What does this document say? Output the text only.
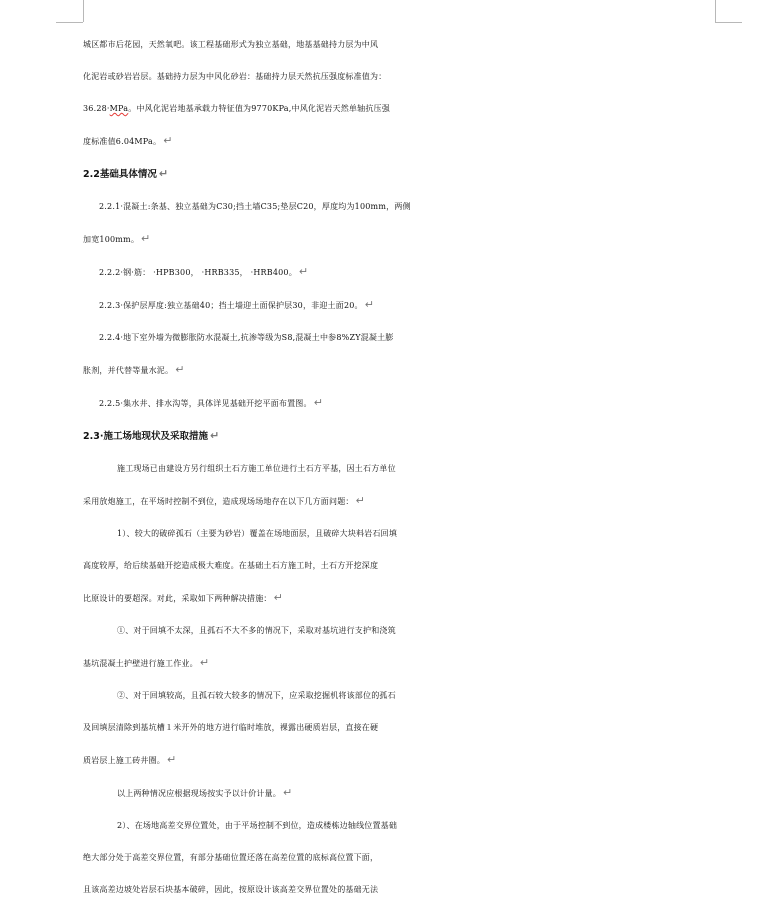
城区都市后花园，天然氧吧。该工程基础形式为独立基础，地基基础持力层为中风

化泥岩或砂岩岩层。基础持力层为中风化砂岩：基础持力层天然抗压强度标准值为：

36.28·MPa。中风化泥岩地基承载力特征值为9770KPa,中风化泥岩天然单轴抗压强

度标准值6.04MPa。 ↵

2.2基础具体情况 ↵

2.2.1·混凝土:条基、独立基础为C30;挡土墙C35;垫层C20，厚度均为100mm，两侧

加宽100mm。 ↵

2.2.2·钢·筋： ·HPB300， ·HRB335， ·HRB400。 ↵

2.2.3·保护层厚度:独立基础40；挡土墙迎土面保护层30，非迎土面20。 ↵

2.2.4·地下室外墙为微膨胀防水混凝土,抗渗等级为S8,混凝土中参8%ZY混凝土膨

胀剂，并代替等量水泥。 ↵

2.2.5·集水井、排水沟等，具体详见基础开挖平面布置图。 ↵

2.3·施工场地现状及采取措施 ↵

施工现场已由建设方另行组织土石方施工单位进行土石方平基，因土石方单位

采用放炮施工，在平场时控制不到位，造成现场场地存在以下几方面问题： ↵

1）、较大的破碎孤石（主要为砂岩）覆盖在场地面层，且破碎大块料岩石回填

高度较厚，给后续基础开挖造成极大难度。在基础土石方施工时，土石方开挖深度

比原设计的要超深。对此，采取如下两种解决措施： ↵

①、对于回填不太深，且孤石不大不多的情况下，采取对基坑进行支护和浇筑

基坑混凝土护壁进行施工作业。 ↵

②、对于回填较高，且孤石较大较多的情况下，应采取挖掘机将该部位的孤石

及回填层清除到基坑槽１米开外的地方进行临时堆放，裸露出硬质岩层，直接在硬

质岩层上施工砖井圈。 ↵

以上两种情况应根据现场按实予以计价计量。 ↵

2）、在场地高差交界位置处，由于平场控制不到位，造成楼栋边轴线位置基础

绝大部分处于高差交界位置，有部分基础位置还落在高差位置的底标高位置下面，

且该高差边坡处岩层石块基本破碎，因此，按原设计该高差交界位置处的基础无法
